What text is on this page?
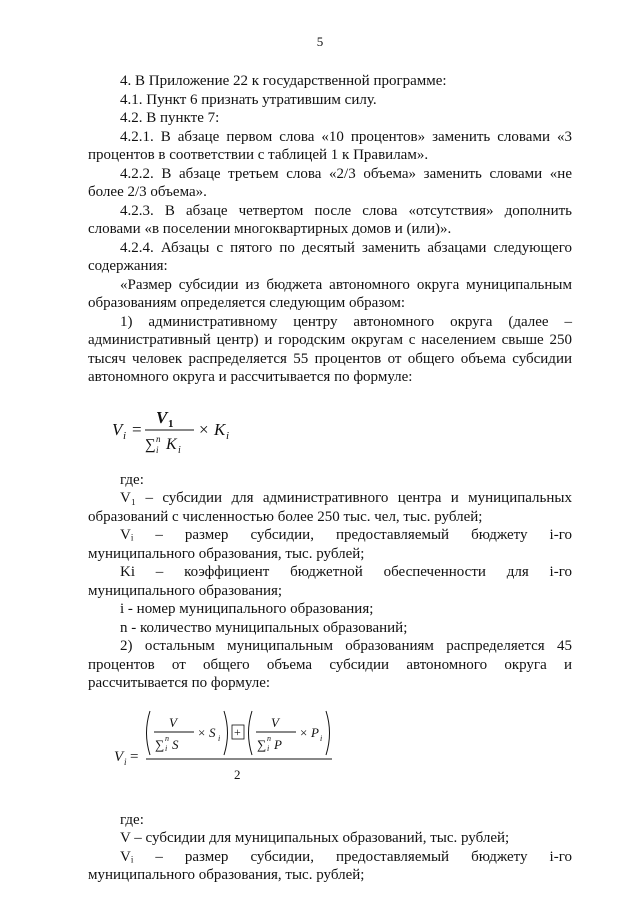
5

4. В Приложение 22 к государственной программе:

4.1. Пункт 6 признать утратившим силу.

4.2. В пункте 7:

4.2.1. В абзаце первом слова «10 процентов» заменить словами «3 процентов в соответствии с таблицей 1 к Правилам».

4.2.2. В абзаце третьем слова «2/3 объема» заменить словами «не более 2/3 объема».

4.2.3. В абзаце четвертом после слова «отсутствия» дополнить словами «в поселении многоквартирных домов и (или)».

4.2.4. Абзацы с пятого по десятый заменить абзацами следующего содержания:

«Размер субсидии из бюджета автономного округа муниципальным образованиям определяется следующим образом:

1) административному центру автономного округа (далее – административный центр) и городским округам с населением свыше 250 тысяч человек распределяется 55 процентов от общего объема субсидии автономного округа и рассчитывается по формуле:

V i =
V 1
∑ n
i K i
× K i

где:

V₁ – субсидии для административного центра и муниципальных образований с численностью более 250 тыс. чел, тыс. рублей;

Vᵢ – размер субсидии, предоставляемый бюджету i-го муниципального образования, тыс. рублей;

Ki – коэффициент бюджетной обеспеченности для i-го муниципального образования;

i - номер муниципального образования;

n - количество муниципальных образований;

2) остальным муниципальным образованиям распределяется 45 процентов от общего объема субсидии автономного округа и рассчитывается по формуле:

V i =
V
∑ n
i S
× S i +
V
∑ n
i P
× P i
2

где:

V – субсидии для муниципальных образований, тыс. рублей;

Vᵢ – размер субсидии, предоставляемый бюджету i-го муниципального образования, тыс. рублей;
